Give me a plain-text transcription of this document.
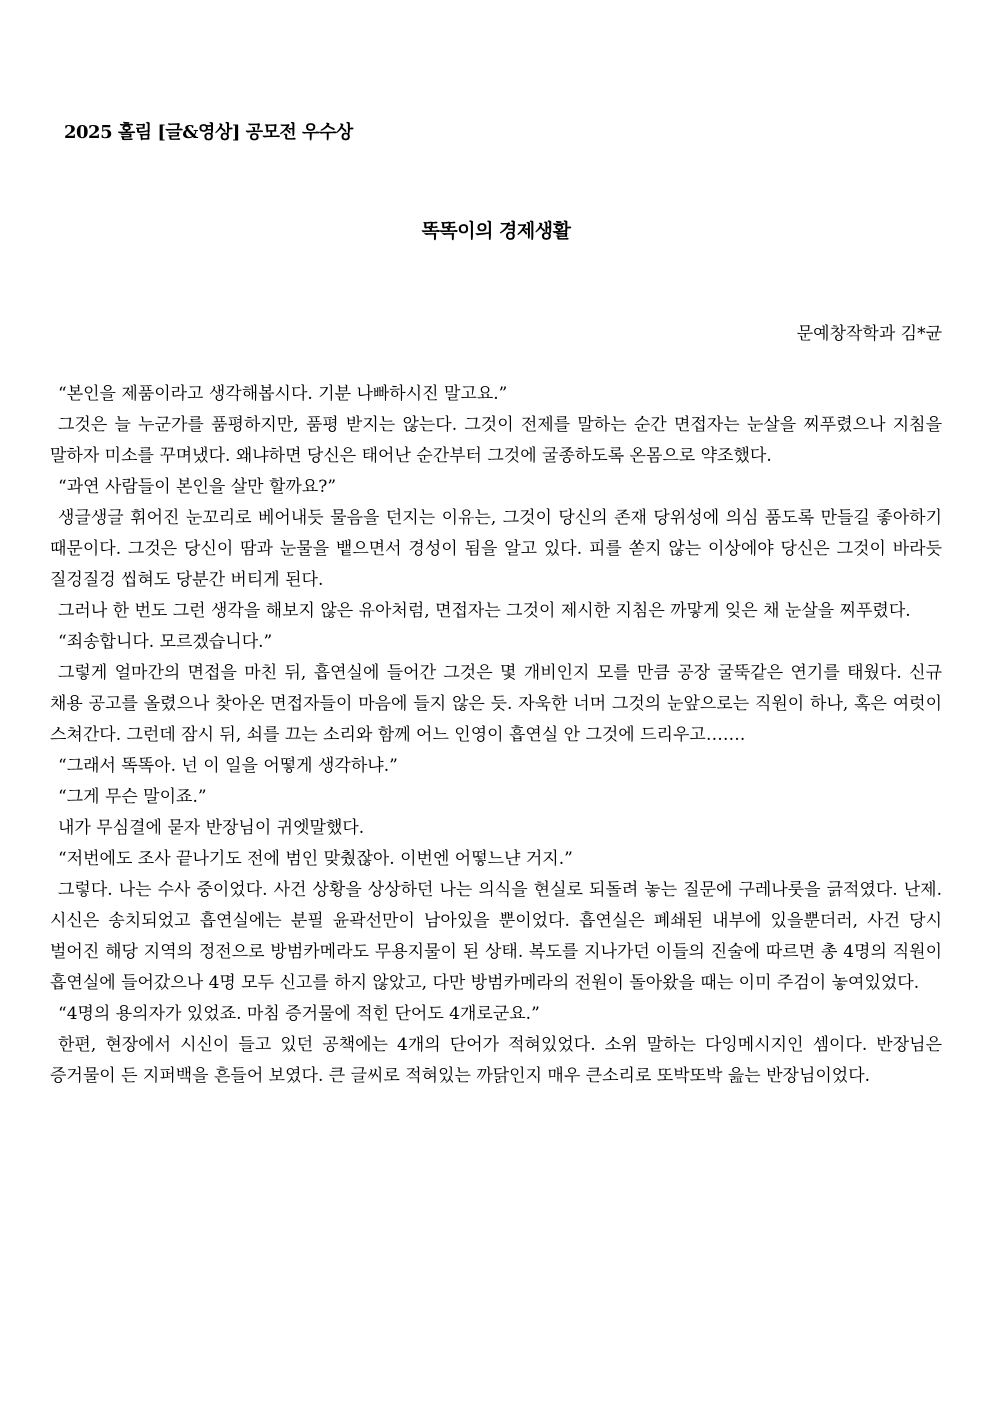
2025 홀림 [글&영상] 공모전 우수상
똑똑이의 경제생활
문예창작학과 김*균

“본인을 제품이라고 생각해봅시다. 기분 나빠하시진 말고요.”

그것은 늘 누군가를 품평하지만, 품평 받지는 않는다. 그것이 전제를 말하는 순간 면접자는 눈살을 찌푸렸으나 지침을 말하자 미소를 꾸며냈다. 왜냐하면 당신은 태어난 순간부터 그것에 굴종하도록 온몸으로 약조했다.

“과연 사람들이 본인을 살만 할까요?”

생글생글 휘어진 눈꼬리로 베어내듯 물음을 던지는 이유는, 그것이 당신의 존재 당위성에 의심 품도록 만들길 좋아하기 때문이다. 그것은 당신이 땀과 눈물을 뱉으면서 경성이 됨을 알고 있다. 피를 쏟지 않는 이상에야 당신은 그것이 바라듯 질겅질겅 씹혀도 당분간 버티게 된다.

그러나 한 번도 그런 생각을 해보지 않은 유아처럼, 면접자는 그것이 제시한 지침은 까맣게 잊은 채 눈살을 찌푸렸다.

“죄송합니다. 모르겠습니다.”

그렇게 얼마간의 면접을 마친 뒤, 흡연실에 들어간 그것은 몇 개비인지 모를 만큼 공장 굴뚝같은 연기를 태웠다. 신규 채용 공고를 올렸으나 찾아온 면접자들이 마음에 들지 않은 듯. 자욱한 너머 그것의 눈앞으로는 직원이 하나, 혹은 여럿이 스쳐간다. 그런데 잠시 뒤, 쇠를 끄는 소리와 함께 어느 인영이 흡연실 안 그것에 드리우고…….

“그래서 똑똑아. 넌 이 일을 어떻게 생각하냐.”

“그게 무슨 말이죠.”

내가 무심결에 묻자 반장님이 귀엣말했다.

“저번에도 조사 끝나기도 전에 범인 맞췄잖아. 이번엔 어떻느냔 거지.”

그렇다. 나는 수사 중이었다. 사건 상황을 상상하던 나는 의식을 현실로 되돌려 놓는 질문에 구레나룻을 긁적였다. 난제. 시신은 송치되었고 흡연실에는 분필 윤곽선만이 남아있을 뿐이었다. 흡연실은 폐쇄된 내부에 있을뿐더러, 사건 당시 벌어진 해당 지역의 정전으로 방범카메라도 무용지물이 된 상태. 복도를 지나가던 이들의 진술에 따르면 총 4명의 직원이 흡연실에 들어갔으나 4명 모두 신고를 하지 않았고, 다만 방범카메라의 전원이 돌아왔을 때는 이미 주검이 놓여있었다.

“4명의 용의자가 있었죠. 마침 증거물에 적힌 단어도 4개로군요.”

한편, 현장에서 시신이 들고 있던 공책에는 4개의 단어가 적혀있었다. 소위 말하는 다잉메시지인 셈이다. 반장님은 증거물이 든 지퍼백을 흔들어 보였다. 큰 글씨로 적혀있는 까닭인지 매우 큰소리로 또박또박 읊는 반장님이었다.
